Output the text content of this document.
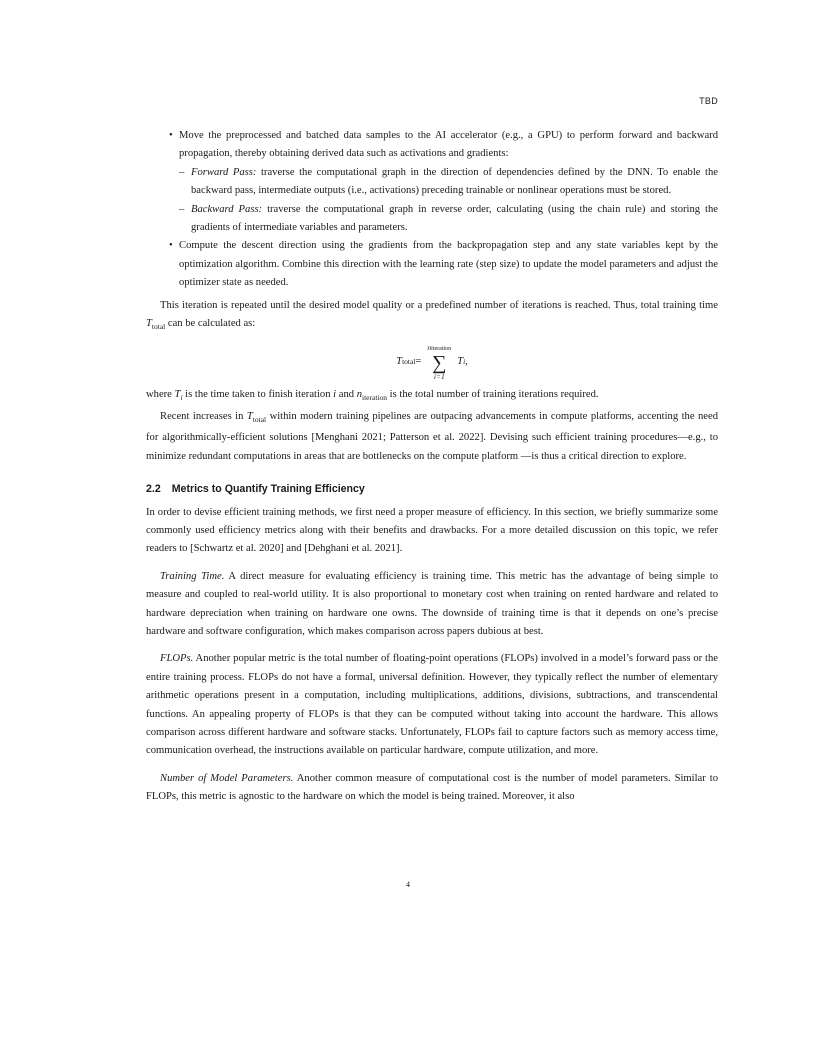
TBD
• Move the preprocessed and batched data samples to the AI accelerator (e.g., a GPU) to perform forward and backward propagation, thereby obtaining derived data such as activations and gradients:
– Forward Pass: traverse the computational graph in the direction of dependencies defined by the DNN. To enable the backward pass, intermediate outputs (i.e., activations) preceding trainable or nonlinear operations must be stored.
– Backward Pass: traverse the computational graph in reverse order, calculating (using the chain rule) and storing the gradients of intermediate variables and parameters.
• Compute the descent direction using the gradients from the backpropagation step and any state variables kept by the optimization algorithm. Combine this direction with the learning rate (step size) to update the model parameters and adjust the optimizer state as needed.

This iteration is repeated until the desired model quality or a predefined number of iterations is reached. Thus, total training time $T_{total}$ can be calculated as:

T total =
niteration
∑
i=1
T i ,

where $T_i$ is the time taken to finish iteration i and $n_{iteration}$ is the total number of training iterations required.

Recent increases in $T_{total}$ within modern training pipelines are outpacing advancements in compute platforms, accenting the need for algorithmically-efficient solutions [Menghani 2021; Patterson et al. 2022]. Devising such efficient training procedures—e.g., to minimize redundant computations in areas that are bottlenecks on the compute platform —is thus a critical direction to explore.

2.2 Metrics to Quantify Training Efficiency

In order to devise efficient training methods, we first need a proper measure of efficiency. In this section, we briefly summarize some commonly used efficiency metrics along with their benefits and drawbacks. For a more detailed discussion on this topic, we refer readers to [Schwartz et al. 2020] and [Dehghani et al. 2021].

Training Time. A direct measure for evaluating efficiency is training time. This metric has the advantage of being simple to measure and coupled to real-world utility. It is also proportional to monetary cost when training on rented hardware and related to hardware depreciation when training on hardware one owns. The downside of training time is that it depends on one’s precise hardware and software configuration, which makes comparison across papers dubious at best.

FLOPs. Another popular metric is the total number of floating-point operations (FLOPs) involved in a model’s forward pass or the entire training process. FLOPs do not have a formal, universal definition. However, they typically reflect the number of elementary arithmetic operations present in a computation, including multiplications, additions, divisions, subtractions, and transcendental functions. An appealing property of FLOPs is that they can be computed without taking into account the hardware. This allows comparison across different hardware and software stacks. Unfortunately, FLOPs fail to capture factors such as memory access time, communication overhead, the instructions available on particular hardware, compute utilization, and more.

Number of Model Parameters. Another common measure of computational cost is the number of model parameters. Similar to FLOPs, this metric is agnostic to the hardware on which the model is being trained. Moreover, it also

4
